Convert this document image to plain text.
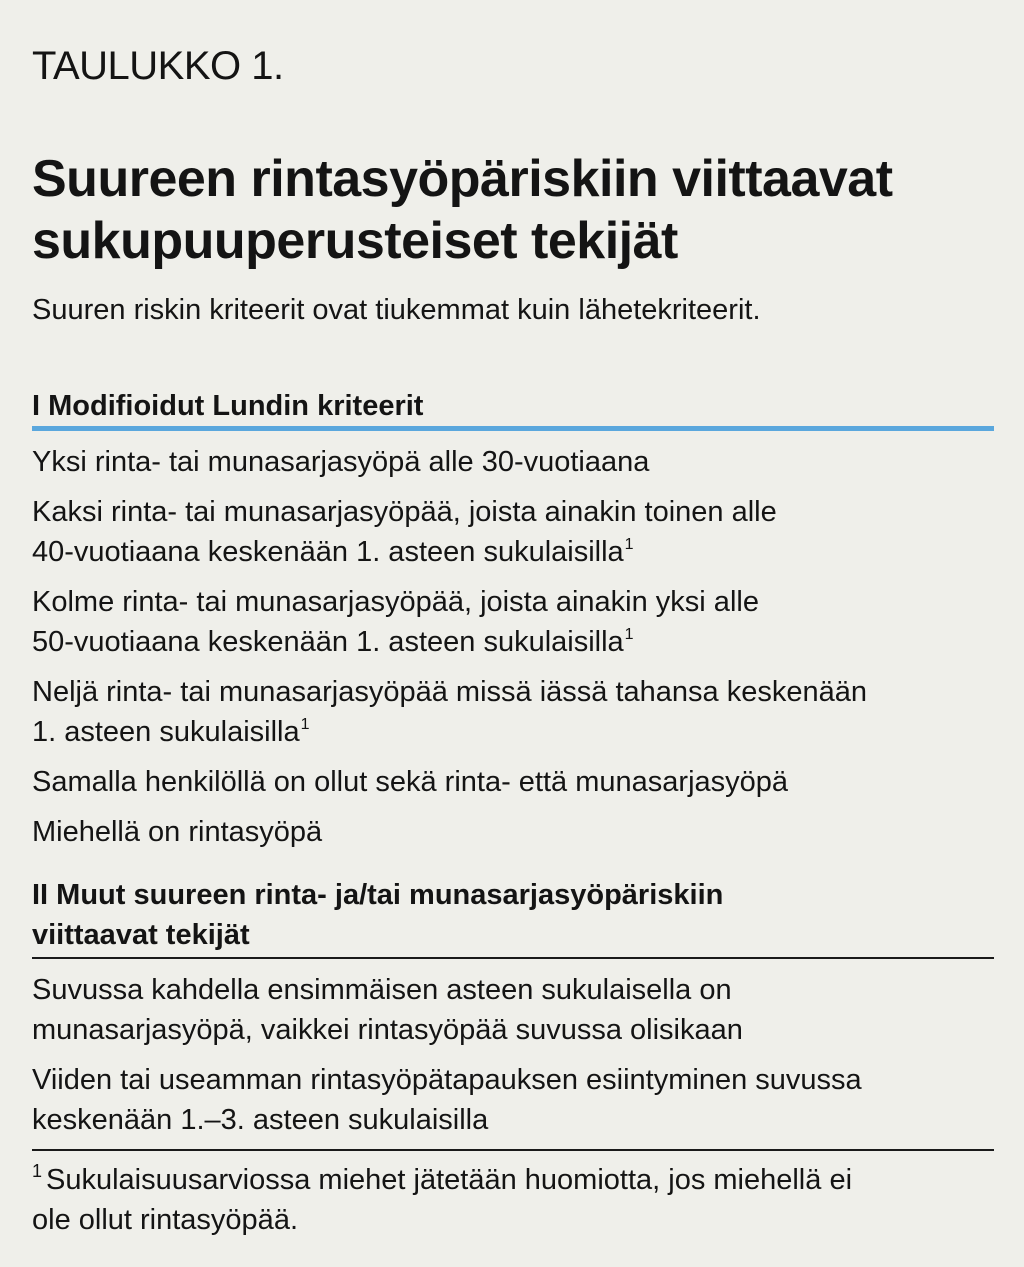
TAULUKKO 1.

Suureen rintasyöpäriskiin viittaavat
sukupuuperusteiset tekijät

Suuren riskin kriteerit ovat tiukemmat kuin lähetekriteerit.

I Modifioidut Lundin kriteerit
Yksi rinta- tai munasarjasyöpä alle 30-vuotiaana
Kaksi rinta- tai munasarjasyöpää, joista ainakin toinen alle
40-vuotiaana keskenään 1. asteen sukulaisilla$^1$
Kolme rinta- tai munasarjasyöpää, joista ainakin yksi alle
50-vuotiaana keskenään 1. asteen sukulaisilla$^1$
Neljä rinta- tai munasarjasyöpää missä iässä tahansa keskenään
1. asteen sukulaisilla$^1$
Samalla henkilöllä on ollut sekä rinta- että munasarjasyöpä
Miehellä on rintasyöpä
II Muut suureen rinta- ja/tai munasarjasyöpäriskiin
viittaavat tekijät
Suvussa kahdella ensimmäisen asteen sukulaisella on
munasarjasyöpä, vaikkei rintasyöpää suvussa olisikaan
Viiden tai useamman rintasyöpätapauksen esiintyminen suvussa
keskenään 1.–3. asteen sukulaisilla

$^1$ Sukulaisuusarviossa miehet jätetään huomiotta, jos miehellä ei
ole ollut rintasyöpää.
